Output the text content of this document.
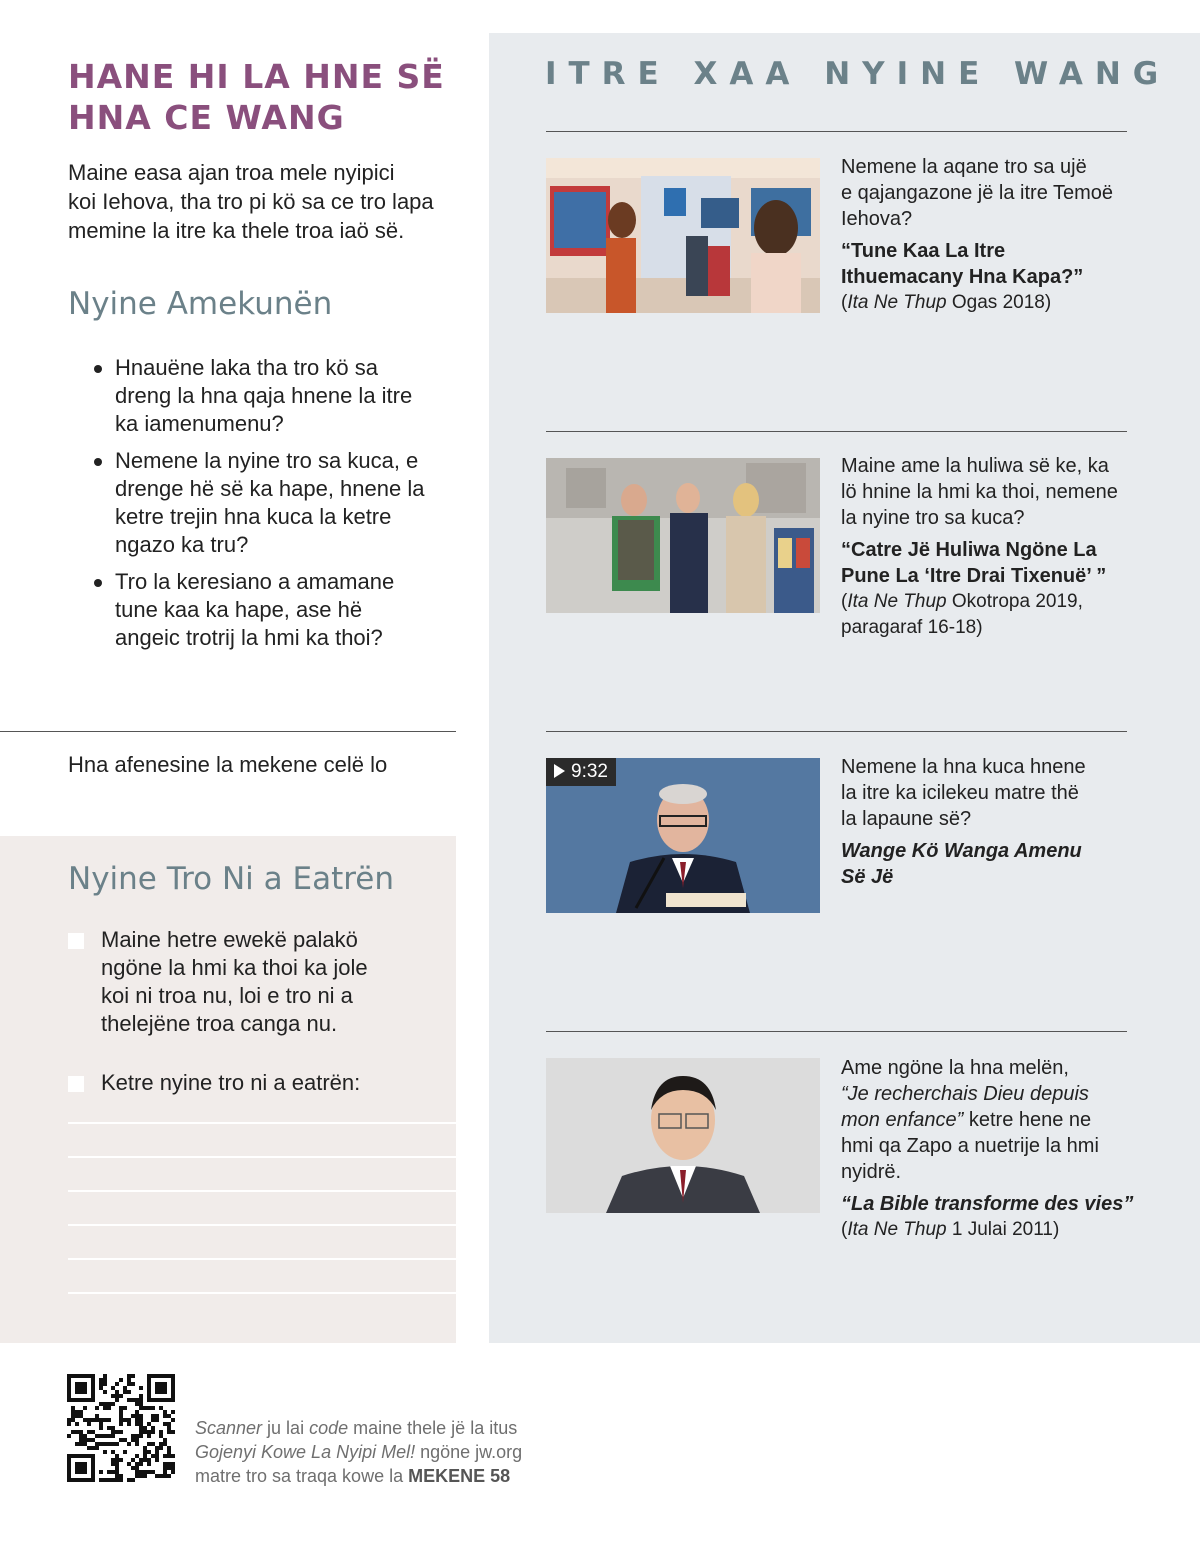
HANE HI LA HNE SË
HNA CE WANG
Maine easa ajan troa mele nyipici
koi Iehova, tha tro pi kö sa ce tro lapa
memine la itre ka thele troa iaö së.
Nyine Amekunën
Hnauëne laka tha tro kö sa
dreng la hna qaja hnene la itre
ka iamenumenu?
Nemene la nyine tro sa kuca, e
drenge hë së ka hape, hnene la
ketre trejin hna kuca la ketre
ngazo ka tru?
Tro la keresiano a amamane
tune kaa ka hape, ase hë
angeic trotrij la hmi ka thoi?
Hna afenesine la mekene celë lo
Nyine Tro Ni a Eatrën
Maine hetre ewekë palakö
ngöne la hmi ka thoi ka jole
koi ni troa nu, loi e tro ni a
thelejëne troa canga nu.
Ketre nyine tro ni a eatrën:
ITRE XAA NYINE WANG
Nemene la aqane tro sa ujë
e qajangazone jë la itre Temoë
Iehova?
“Tune Kaa La Itre
Ithuemacany Hna Kapa?”
(Ita Ne Thup Ogas 2018)
Maine ame la huliwa së ke, ka
lö hnine la hmi ka thoi, nemene
la nyine tro sa kuca?
“Catre Jë Huliwa Ngöne La
Pune La ‘Itre Drai Tixenuë’ ”
(Ita Ne Thup Okotropa 2019,
paragaraf 16-18)
9:32	Nemene la hna kuca hnene
la itre ka icilekeu matre thë
la lapaune së?
Wange Kö Wanga Amenu
Së Jë
Ame ngöne la hna melën,
“Je recherchais Dieu depuis
mon enfance” ketre hene ne
hmi qa Zapo a nuetrije la hmi
nyidrë.
“La Bible transforme des vies”
(Ita Ne Thup 1 Julai 2011)
Scanner ju lai code maine thele jë la itus
Gojenyi Kowe La Nyipi Mel! ngöne jw.org
matre tro sa traqa kowe la MEKENE 58
